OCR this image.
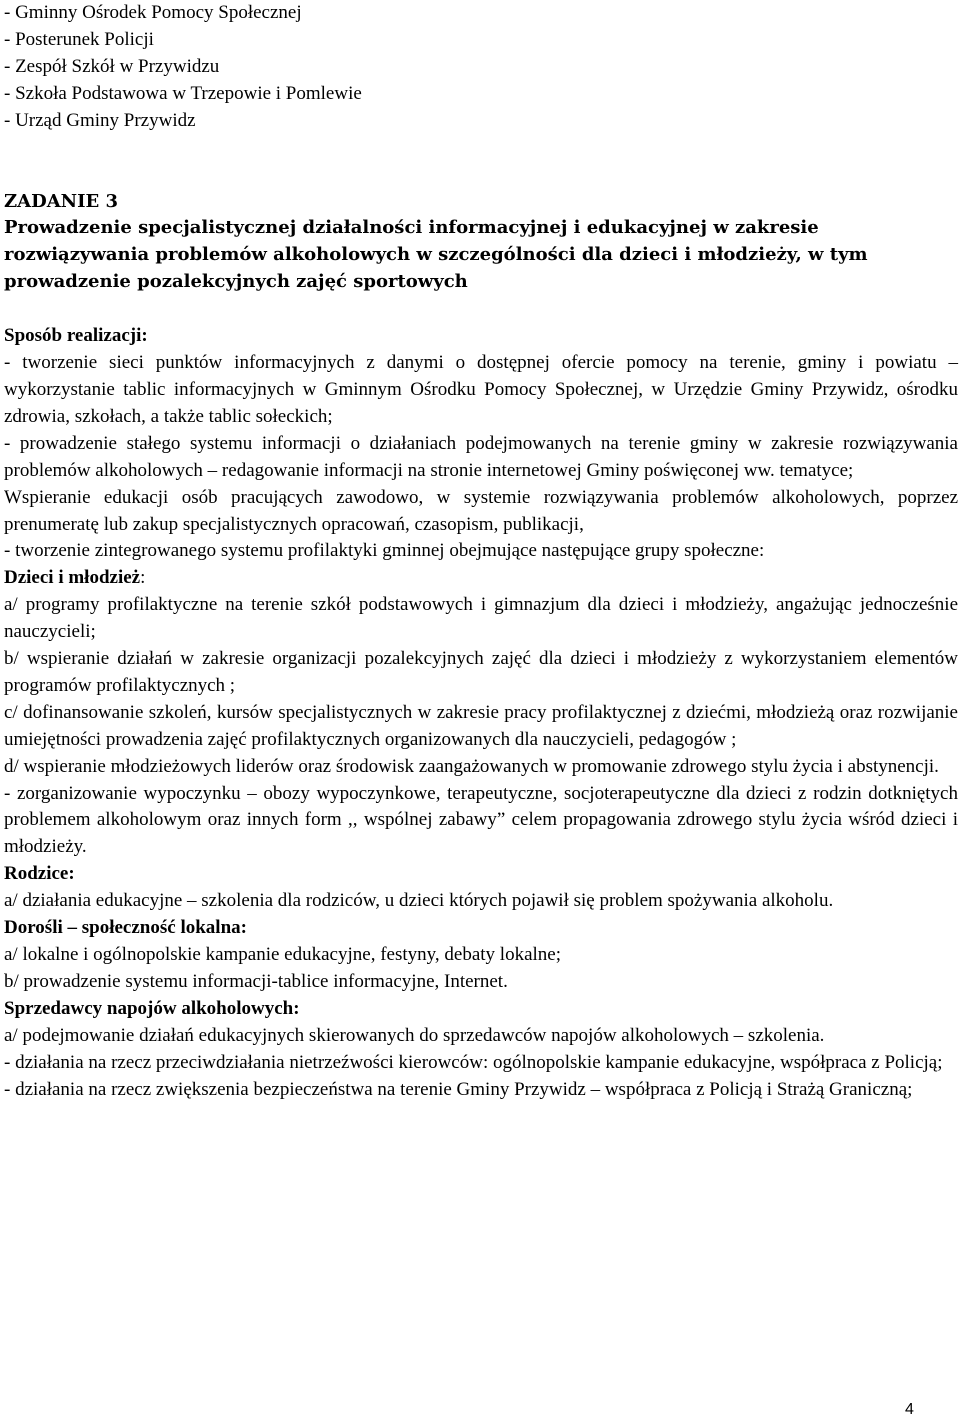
- Gminny Ośrodek Pomocy Społecznej
- Posterunek Policji
- Zespół Szkół w Przywidzu
- Szkoła Podstawowa w Trzepowie i Pomlewie
- Urząd Gminy Przywidz
ZADANIE 3
Prowadzenie specjalistycznej działalności informacyjnej i edukacyjnej w zakresie rozwiązywania problemów alkoholowych w szczególności dla dzieci i młodzieży, w tym prowadzenie pozalekcyjnych zajęć sportowych
Sposób realizacji:
- tworzenie sieci punktów informacyjnych z danymi o dostępnej ofercie pomocy na terenie, gminy i powiatu – wykorzystanie tablic informacyjnych w Gminnym Ośrodku Pomocy Społecznej, w Urzędzie Gminy Przywidz, ośrodku zdrowia, szkołach, a także tablic sołeckich;
- prowadzenie stałego systemu informacji o działaniach podejmowanych na terenie gminy w zakresie rozwiązywania problemów alkoholowych – redagowanie informacji na stronie internetowej Gminy poświęconej ww. tematyce;
Wspieranie edukacji osób pracujących zawodowo, w systemie rozwiązywania problemów alkoholowych, poprzez prenumeratę lub zakup specjalistycznych opracowań, czasopism, publikacji,
- tworzenie zintegrowanego systemu profilaktyki gminnej obejmujące następujące grupy społeczne:
Dzieci i młodzież:
a/ programy profilaktyczne na terenie szkół podstawowych i gimnazjum dla dzieci i młodzieży, angażując jednocześnie nauczycieli;
b/ wspieranie działań w zakresie organizacji pozalekcyjnych zajęć dla dzieci i młodzieży z wykorzystaniem elementów programów profilaktycznych ;
c/ dofinansowanie szkoleń, kursów specjalistycznych w zakresie pracy profilaktycznej z dziećmi, młodzieżą oraz rozwijanie umiejętności prowadzenia zajęć profilaktycznych organizowanych dla nauczycieli, pedagogów ;
d/ wspieranie młodzieżowych liderów oraz środowisk zaangażowanych w promowanie zdrowego stylu życia i abstynencji.
- zorganizowanie wypoczynku – obozy wypoczynkowe, terapeutyczne, socjoterapeutyczne dla dzieci z rodzin dotkniętych problemem alkoholowym oraz innych form ,, wspólnej zabawy” celem propagowania zdrowego stylu życia wśród dzieci i młodzieży.
Rodzice:
a/ działania edukacyjne – szkolenia dla rodziców, u dzieci których pojawił się problem spożywania alkoholu.
Dorośli – społeczność lokalna:
a/ lokalne i ogólnopolskie kampanie edukacyjne, festyny, debaty lokalne;
b/ prowadzenie systemu informacji-tablice informacyjne, Internet.
Sprzedawcy napojów alkoholowych:
a/ podejmowanie działań edukacyjnych skierowanych do sprzedawców napojów alkoholowych – szkolenia.
- działania na rzecz przeciwdziałania nietrzeźwości kierowców: ogólnopolskie kampanie edukacyjne, współpraca z Policją;
- działania na rzecz zwiększenia bezpieczeństwa na terenie Gminy Przywidz – współpraca z Policją i Strażą Graniczną;
4
